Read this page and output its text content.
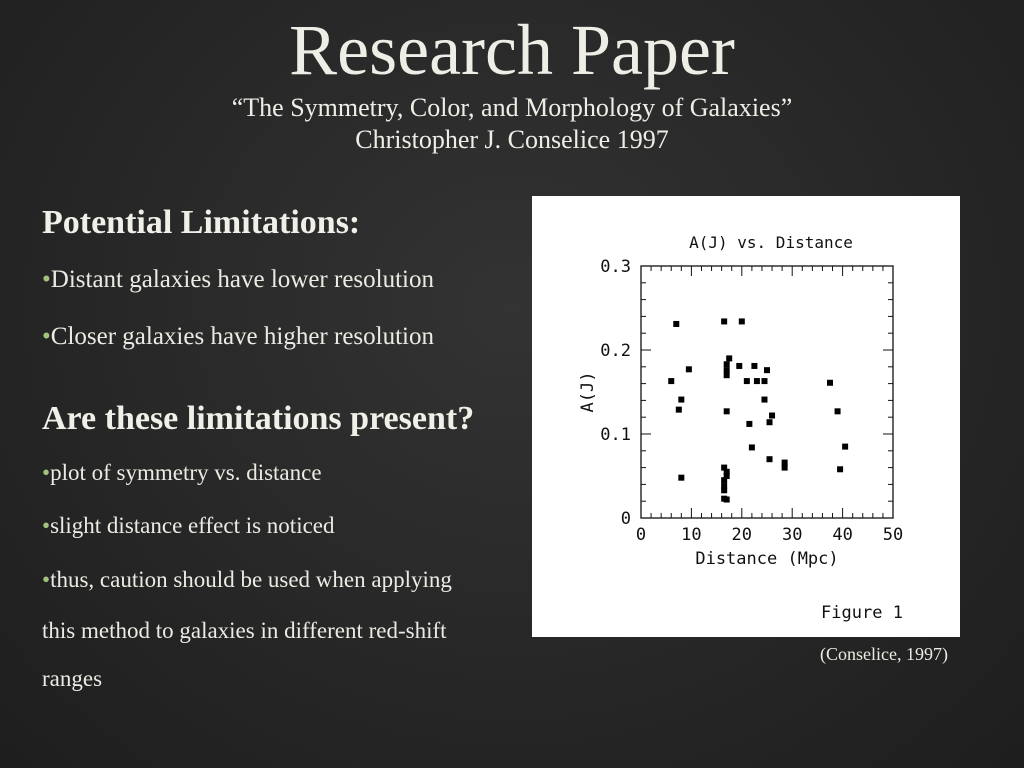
Research Paper
“The Symmetry, Color, and Morphology of Galaxies”
Christopher J. Conselice 1997
Potential Limitations:
•Distant galaxies have lower resolution
•Closer galaxies have higher resolution
Are these limitations present?
•plot of symmetry vs. distance
•slight distance effect is noticed
•thus, caution should be used when applying
this method to galaxies in different red-shift
ranges
A(J) vs. Distance
0 10 20 30 40 50
0
0.1
0.2
0.3
Distance (Mpc)
A(J)
Figure 1
(Conselice, 1997)
